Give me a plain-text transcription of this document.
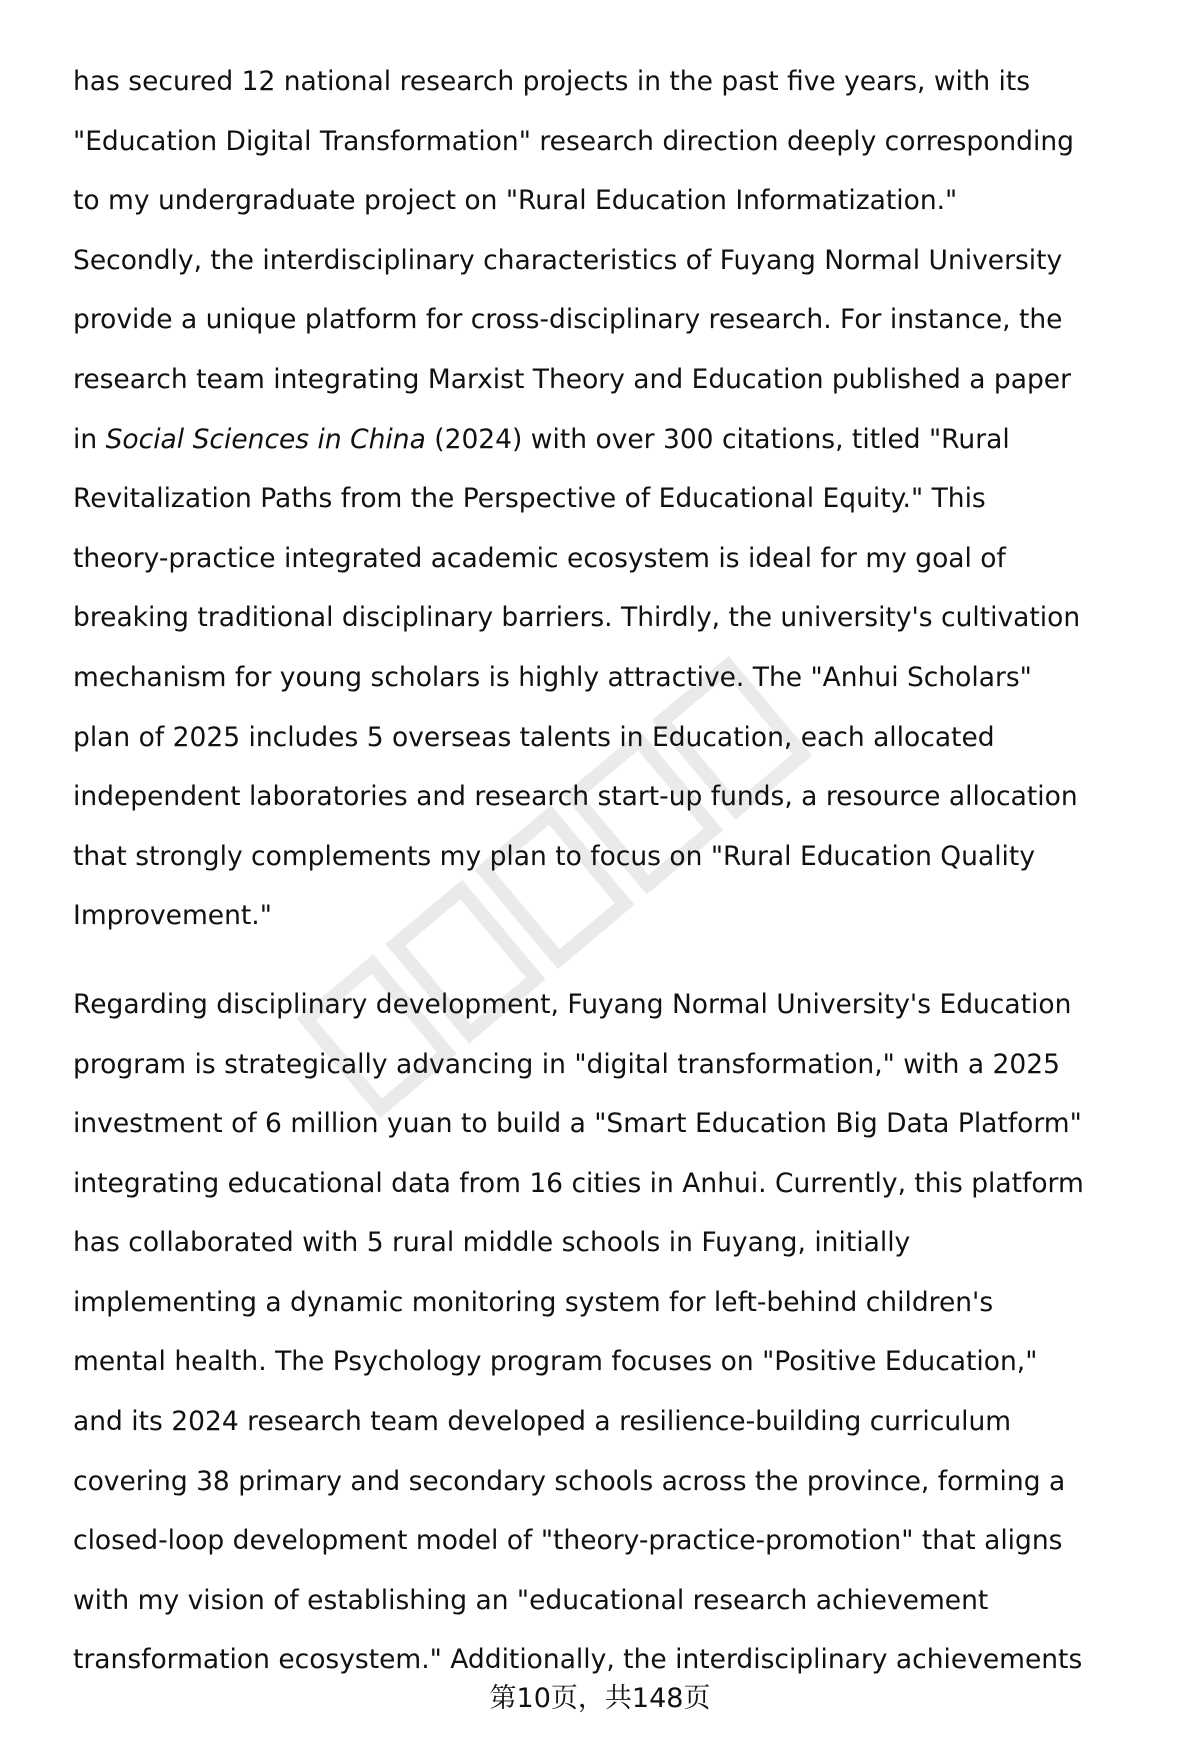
has secured 12 national research projects in the past five years, with its
"Education Digital Transformation" research direction deeply corresponding
to my undergraduate project on "Rural Education Informatization."
Secondly, the interdisciplinary characteristics of Fuyang Normal University
provide a unique platform for cross-disciplinary research. For instance, the
research team integrating Marxist Theory and Education published a paper
in Social Sciences in China (2024) with over 300 citations, titled "Rural
Revitalization Paths from the Perspective of Educational Equity." This
theory-practice integrated academic ecosystem is ideal for my goal of
breaking traditional disciplinary barriers. Thirdly, the university's cultivation
mechanism for young scholars is highly attractive. The "Anhui Scholars"
plan of 2025 includes 5 overseas talents in Education, each allocated
independent laboratories and research start-up funds, a resource allocation
that strongly complements my plan to focus on "Rural Education Quality
Improvement."
Regarding disciplinary development, Fuyang Normal University's Education
program is strategically advancing in "digital transformation," with a 2025
investment of 6 million yuan to build a "Smart Education Big Data Platform"
integrating educational data from 16 cities in Anhui. Currently, this platform
has collaborated with 5 rural middle schools in Fuyang, initially
implementing a dynamic monitoring system for left-behind children's
mental health. The Psychology program focuses on "Positive Education,"
and its 2024 research team developed a resilience-building curriculum
covering 38 primary and secondary schools across the province, forming a
closed-loop development model of "theory-practice-promotion" that aligns
with my vision of establishing an "educational research achievement
transformation ecosystem." Additionally, the interdisciplinary achievements
第10页，共148页
